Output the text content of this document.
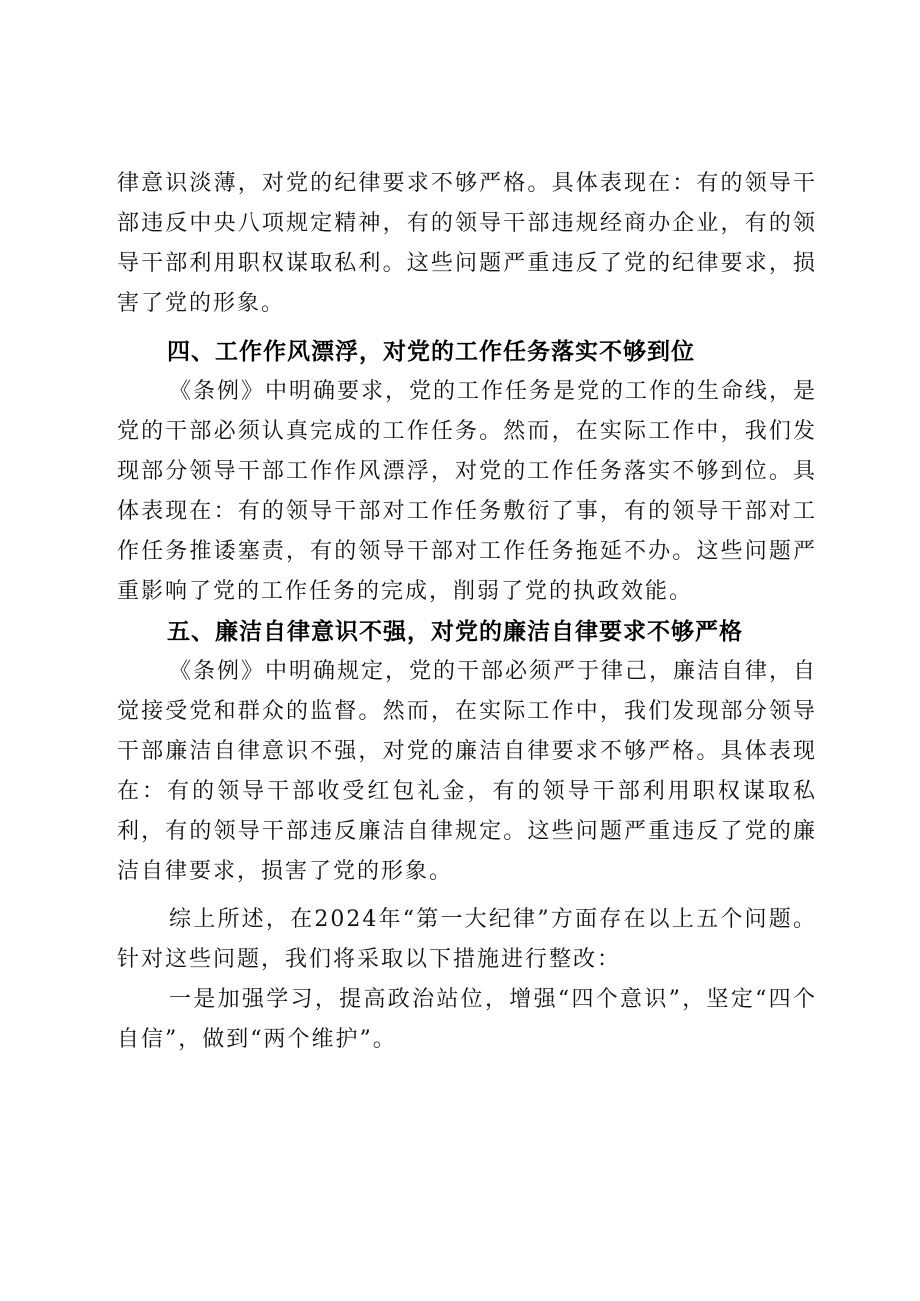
律意识淡薄，对党的纪律要求不够严格。具体表现在：有的领导干部违反中央八项规定精神，有的领导干部违规经商办企业，有的领导干部利用职权谋取私利。这些问题严重违反了党的纪律要求，损害了党的形象。

四、工作作风漂浮，对党的工作任务落实不够到位

《条例》中明确要求，党的工作任务是党的工作的生命线，是党的干部必须认真完成的工作任务。然而，在实际工作中，我们发现部分领导干部工作作风漂浮，对党的工作任务落实不够到位。具体表现在：有的领导干部对工作任务敷衍了事，有的领导干部对工作任务推诿塞责，有的领导干部对工作任务拖延不办。这些问题严重影响了党的工作任务的完成，削弱了党的执政效能。

五、廉洁自律意识不强，对党的廉洁自律要求不够严格

《条例》中明确规定，党的干部必须严于律己，廉洁自律，自觉接受党和群众的监督。然而，在实际工作中，我们发现部分领导干部廉洁自律意识不强，对党的廉洁自律要求不够严格。具体表现在：有的领导干部收受红包礼金，有的领导干部利用职权谋取私利，有的领导干部违反廉洁自律规定。这些问题严重违反了党的廉洁自律要求，损害了党的形象。

综上所述，在2024年“第一大纪律”方面存在以上五个问题。针对这些问题，我们将采取以下措施进行整改：

一是加强学习，提高政治站位，增强“四个意识”，坚定“四个自信”，做到“两个维护”。
